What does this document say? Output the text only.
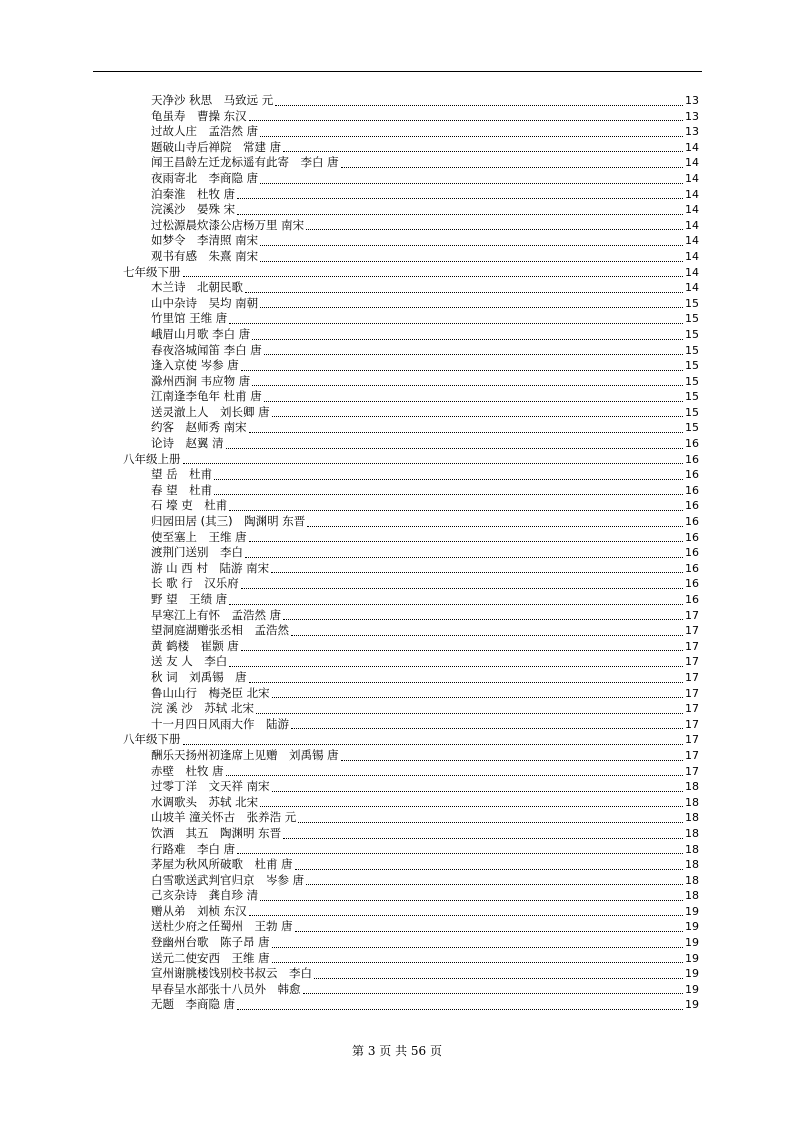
天净沙 秋思　马致远 元	13
龟虽寿　曹操 东汉	13
过故人庄　孟浩然 唐	13
题破山寺后禅院　常建 唐	14
闻王昌龄左迁龙标遥有此寄　李白 唐	14
夜雨寄北　李商隐 唐	14
泊秦淮　杜牧 唐	14
浣溪沙　晏殊 宋	14
过松源晨炊漆公店杨万里 南宋	14
如梦令　李清照 南宋	14
观书有感　朱熹 南宋	14
七年级下册	14
木兰诗　北朝民歌	14
山中杂诗　吴均 南朝	15
竹里馆 王维 唐	15
峨眉山月歌 李白 唐	15
春夜洛城闻笛 李白 唐	15
逢入京使 岑参 唐	15
滁州西涧 韦应物 唐	15
江南逢李龟年 杜甫 唐	15
送灵澈上人　刘长卿 唐	15
约客　赵师秀 南宋	15
论诗　赵翼 清	16
八年级上册	16
望 岳　杜甫	16
春 望　杜甫	16
石 壕 吏　杜甫	16
归园田居 (其三)　陶渊明 东晋	16
使至塞上　王维 唐	16
渡荆门送别　李白	16
游 山 西 村　陆游 南宋	16
长 歌 行　汉乐府	16
野 望　王绩 唐	16
早寒江上有怀　孟浩然 唐	17
望洞庭湖赠张丞相　孟浩然	17
黄 鹤楼　崔颢 唐	17
送 友 人　李白	17
秋 词　刘禹锡　唐	17
鲁山山行　梅尧臣 北宋	17
浣 溪 沙　苏轼 北宋	17
十一月四日风雨大作　陆游	17
八年级下册	17
酬乐天扬州初逢席上见赠　刘禹锡 唐	17
赤壁　杜牧 唐	17
过零丁洋　文天祥 南宋	18
水调歌头　苏轼 北宋	18
山坡羊 潼关怀古　张养浩 元	18
饮酒　其五　陶渊明 东晋	18
行路难　李白 唐	18
茅屋为秋风所破歌　杜甫 唐	18
白雪歌送武判官归京　岑参 唐	18
己亥杂诗　龚自珍 清	18
赠从弟　刘桢 东汉	19
送杜少府之任蜀州　王勃 唐	19
登幽州台歌　陈子昂 唐	19
送元二使安西　王维 唐	19
宣州谢朓楼饯别校书叔云　李白	19
早春呈水部张十八员外　韩愈	19
无题　李商隐 唐	19
第 3 页 共 56 页
